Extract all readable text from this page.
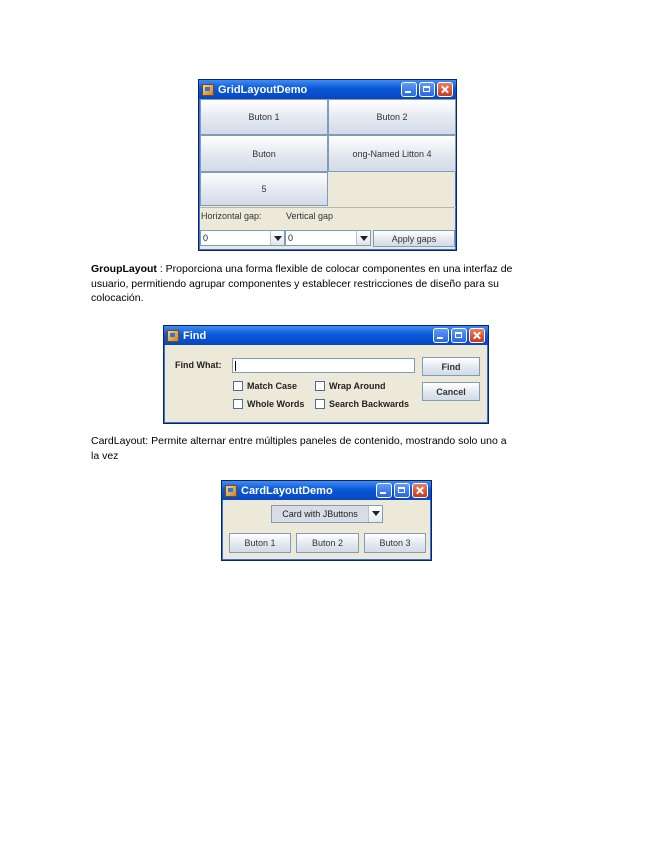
GridLayoutDemo
Buton 1	Buton 2
Buton	ong-Named Litton 4
5
Horizontal gap:	Vertical gap
0	0	Apply gaps
GroupLayout : Proporciona una forma flexible de colocar componentes en una interfaz de
usuario, permitiendo agrupar componentes y establecer restricciones de diseño para su
colocación.
Find
Find What:	Find
Cancel
Match Case	Wrap Around
Whole Words	Search Backwards
CardLayout: Permite alternar entre múltiples paneles de contenido, mostrando solo uno a
la vez
CardLayoutDemo
Card with JButtons
Buton 1	Buton 2	Buton 3
